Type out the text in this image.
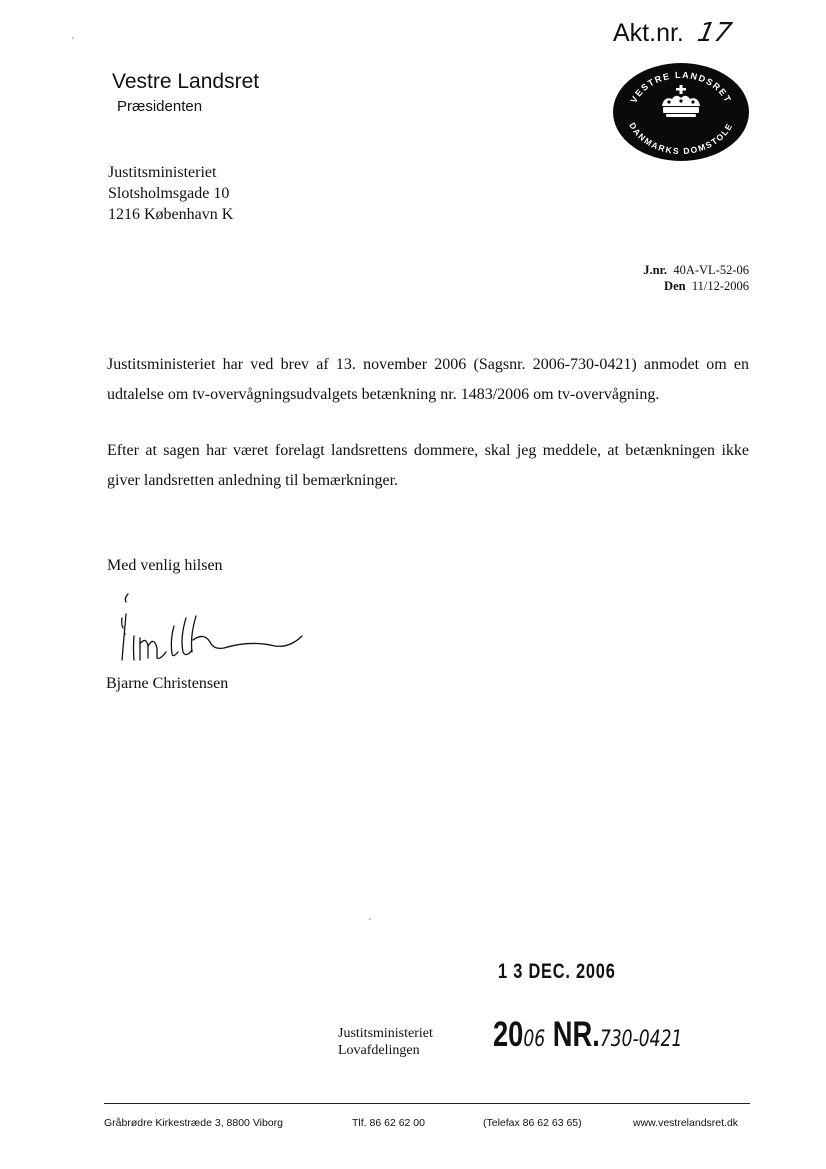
Akt.nr. 17
Vestre Landsret
Præsidenten	VESTRE LANDSRET
DANMARKS DOMSTOLE
Justitsministeriet
Slotsholmsgade 10
1216 København K
J.nr. 40A-VL-52-06
Den 11/12-2006
Justitsministeriet har ved brev af 13. november 2006 (Sagsnr. 2006-730-0421) anmodet om en udtalelse om tv-overvågningsudvalgets betænkning nr. 1483/2006 om tv-overvågning.
Efter at sagen har været forelagt landsrettens dommere, skal jeg meddele, at betænkningen ikke giver landsretten anledning til bemærkninger.
Med venlig hilsen
Bjarne Christensen
1 3 DEC. 2006
Justitsministeriet
Lovafdelingen	2006 NR.730-0421
Gråbrødre Kirkestræde 3, 8800 Viborg	Tlf. 86 62 62 00	(Telefax 86 62 63 65)	www.vestrelandsret.dk
